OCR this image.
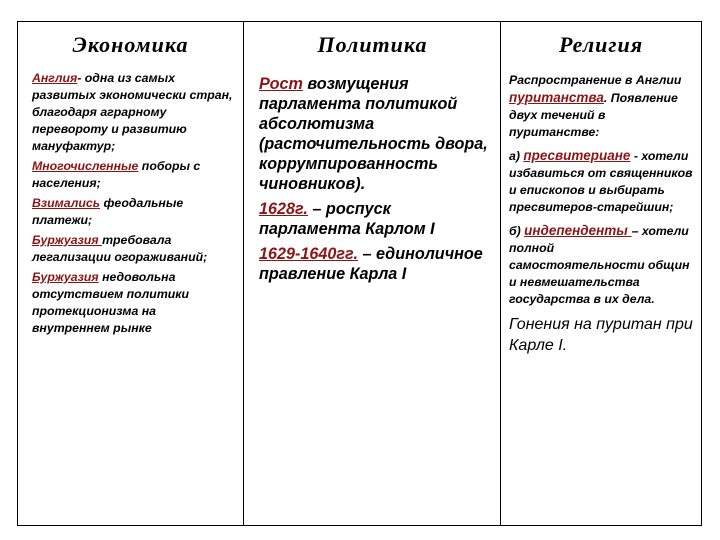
Экономика

Англия- одна из самых развитых экономически стран, благодаря аграрному перевороту и развитию мануфактур;

Многочисленные поборы с населения;

Взимались феодальные платежи;

Буржуазия требовала легализации огораживаний;

Буржуазия недовольна отсутствием политики протекционизма на внутреннем рынке

Политика

Рост возмущения парламента политикой абсолютизма (расточительность двора, коррумпированность чиновников).

1628г. – роспуск парламента Карлом I

1629-1640гг. – единоличное правление Карла I

Религия

Распространение в Англии пуританства. Появление двух течений в пуританстве:

а) пресвитериане - хотели избавиться от священников и епископов и выбирать пресвитеров-старейшин;

б) индепенденты – хотели полной самостоятельности общин и невмешательства государства в их дела.

Гонения на пуритан при Карле I.
